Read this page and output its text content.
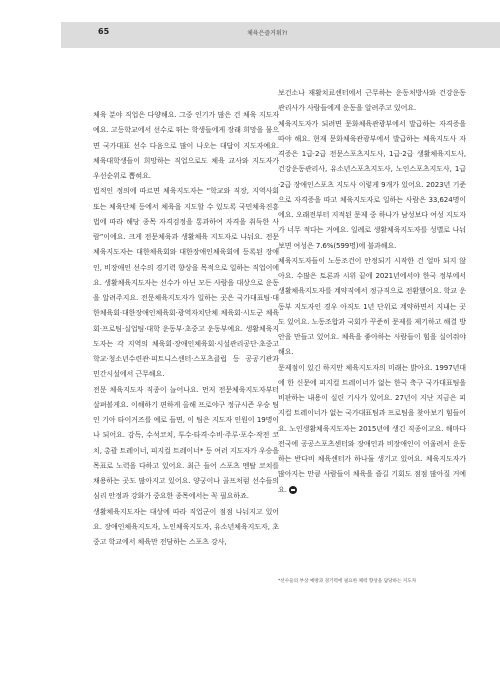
65	체육은즐거워?!

체육 분야 직업은 다양해요. 그중 인기가 많은 건 체육 지도자예요. 고등학교에서 선수로 뛰는 학생들에게 장래 희망을 물으면 국가대표 선수 다음으로 많이 나오는 대답이 지도자예요. 체육대학생들이 희망하는 직업으로도 체육 교사와 지도자가 우선순위로 뽑혀요.

법적인 정의에 따르면 체육지도자는 “학교와 직장, 지역사회 또는 체육단체 등에서 체육을 지도할 수 있도록 국민체육진흥법에 따라 해당 종목 자격검정을 통과하여 자격을 취득한 사람”이에요. 크게 전문체육과 생활체육 지도자로 나눠요. 전문체육지도자는 대한체육회와 대한장애인체육회에 등록된 장애인, 비장애인 선수의 경기력 향상을 목적으로 일하는 직업이에요. 생활체육지도자는 선수가 아닌 모든 사람을 대상으로 운동을 알려주지요. 전문체육지도자가 일하는 곳은 국가대표팀·대한체육회·대한장애인체육회·광역자치단체 체육회·시도군 체육회·프로팀·실업팀·대학 운동부·초중고 운동부예요. 생활체육지도자는 각 지역의 체육회·장애인체육회·시설관리공단·초중고 학교·청소년수련관·피트니스센터·스포츠클럽 등 공공기관과 민간시설에서 근무해요.

전문 체육지도자 직종이 늘어나요. 먼저 전문체육지도자부터 살펴볼게요. 이해하기 편하게 올해 프로야구 정규시즌 우승 팀인 기아 타이거즈를 예로 들면, 이 팀은 지도자 인원이 19명이나 되어요. 감독, 수석코치, 투수·타격·수비·주루·포수·작전 코치, 총괄 트레이너, 피지컬 트레이너* 등 여러 지도자가 우승을 목표로 노력을 다하고 있어요. 최근 들어 스포츠 멘탈 코치를 채용하는 곳도 많아지고 있어요. 양궁이나 골프처럼 선수들의 심리 안정과 강화가 중요한 종목에서는 꼭 필요하죠.

생활체육지도자는 대상에 따라 직업군이 점점 나눠지고 있어요. 장애인체육지도자, 노인체육지도자, 유소년체육지도자, 초중고 학교에서 체육만 전담하는 스포츠 강사,

보건소나 재활치료센터에서 근무하는 운동처방사와 건강운동관리사가 사람들에게 운동을 알려주고 있어요.

체육지도자가 되려면 문화체육관광부에서 발급하는 자격증을 따야 해요. 현재 문화체육관광부에서 발급하는 체육지도사 자격증은 1급·2급 전문스포츠지도사, 1급·2급 생활체육지도사, 건강운동관리사, 유소년스포츠지도사, 노인스포츠지도사, 1급·2급 장애인스포츠 지도사 이렇게 9개가 있어요. 2023년 기준으로 자격증을 따고 체육지도자로 일하는 사람은 33,624명이에요. 오래전부터 지적된 문제 중 하나가 남성보다 여성 지도자가 너무 적다는 거예요. 일례로 생활체육지도자를 성별로 나눠보면 여성은 7.6%(599명)에 불과해요.

체육지도자들이 노동조건이 안정되기 시작한 건 얼마 되지 않아요. 수많은 토론과 시위 끝에 2021년에서야 한국 정부에서 생활체육지도자를 계약직에서 정규직으로 전환했어요. 학교 운동부 지도자인 경우 아직도 1년 단위로 계약하면서 지내는 곳도 있어요. 노동조합과 국회가 꾸준히 문제를 제기하고 해결 방안을 만들고 있어요. 체육을 좋아하는 사람들이 힘을 실어줘야 해요.

문제점이 있긴 하지만 체육지도자의 미래는 밝아요. 1997년대에 한 신문에 피지컬 트레이너가 없는 한국 축구 국가대표팀을 비판하는 내용이 실린 기사가 있어요. 27년이 지난 지금은 피지컬 트레이너가 없는 국가대표팀과 프로팀을 찾아보기 힘들어요. 노인생활체육지도자는 2015년에 생긴 직종이고요. 해마다 전국에 공공스포츠센터와 장애인과 비장애인이 어울려서 운동하는 반다비 체육센터가 하나둘 생기고 있어요. 체육지도자가 많아지는 만큼 사람들이 체육을 즐길 기회도 점점 많아질 거예요.

*선수들의 부상 예방과 경기력에 필요한 체력 향상을 담당하는 지도자
